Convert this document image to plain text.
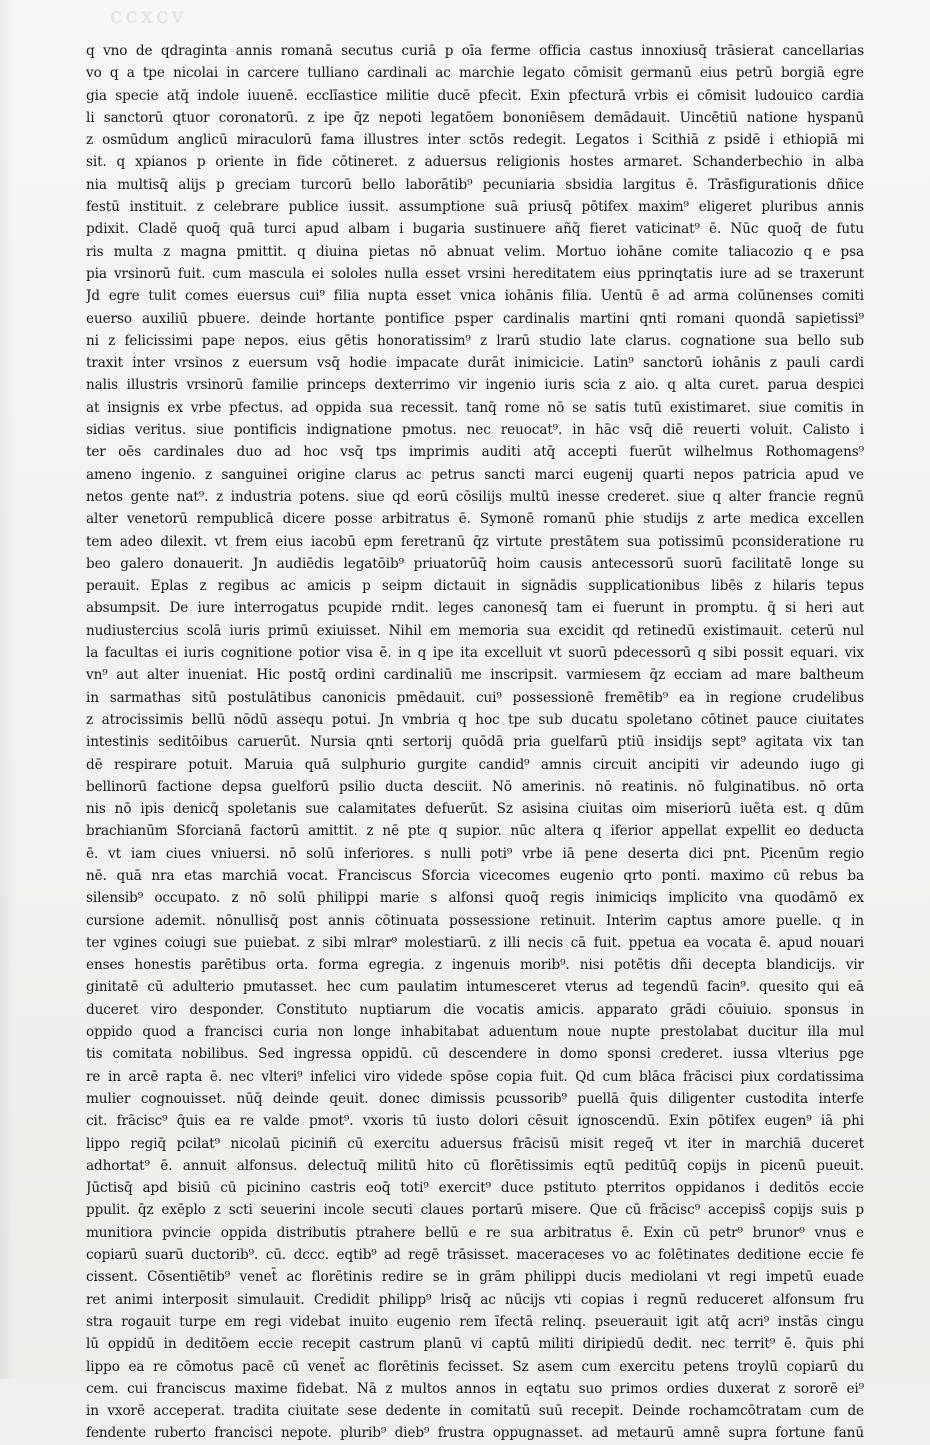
ccxcv
q vno de qdraginta annis romanā secutus curiā p oīa ferme officia castus innoxiusq̄ trāsierat cancellarias
vo q a tpe nicolai in carcere tulliano cardinali ac marchie legato cōmisit germanū eius petrū borgiā egre
gia specie atq̄ indole iuuenē. ecclīastice militie ducē pfecit. Exin pfecturā vrbis ei cōmisit ludouico cardia
li sanctorū qtuor coronatorū. z ipe q̄z nepoti legatōem bononiēsem demādauit. Uincētiū natione hyspanū
z osmūdum anglicū miraculorū fama illustres inter sctōs redegit. Legatos i Scithiā z psidē i ethiopiā mi
sit. q xpianos p oriente in fide cōtineret. z aduersus religionis hostes armaret. Schanderbechio in alba
nia multisq̄ alijs p greciam turcorū bello laborātib⁹ pecuniaria sbsidia largitus ē. Trāsfigurationis dñice
festū instituit. z celebrare publice iussit. assumptione suā priusq̄ pōtifex maxim⁹ eligeret pluribus annis
pdixit. Cladē quoq̄ quā turci apud albam i bugaria sustinuere añq̄ fieret vaticinat⁹ ē. Nūc quoq̄ de futu
ris multa z magna pmittit. q diuina pietas nō abnuat velim. Mortuo iohāne comite taliacozio q e psa
pia vrsinorū fuit. cum mascula ei sololes nulla esset vrsini hereditatem eius pprinqtatis iure ad se traxerunt
Jd egre tulit comes euersus cui⁹ filia nupta esset vnica iohānis filia. Uentū ē ad arma colūnenses comiti
euerso auxiliū pbuere. deinde hortante pontifice psper cardinalis martini qnti romani quondā sapietissi⁹
ni z felicissimi pape nepos. eius gētis honoratissim⁹ z lrarū studio late clarus. cognatione sua bello sub
traxit inter vrsinos z euersum vsq̄ hodie impacate durāt inimicicie. Latin⁹ sanctorū iohānis z pauli cardi
nalis illustris vrsinorū familie princeps dexterrimo vir ingenio iuris scia z aio. q alta curet. parua despici
at insignis ex vrbe pfectus. ad oppida sua recessit. tanq̄ rome nō se satis tutū existimaret. siue comitis in
sidias veritus. siue pontificis indignatione pmotus. nec reuocat⁹. in hāc vsq̄ diē reuerti voluit. Calisto i
ter oēs cardinales duo ad hoc vsq̄ tps imprimis auditi atq̄ accepti fuerūt wilhelmus Rothomagens⁹
ameno ingenio. z sanguinei origine clarus ac petrus sancti marci eugenij quarti nepos patricia apud ve
netos gente nat⁹. z industria potens. siue qd eorū cōsilijs multū inesse crederet. siue q alter francie regnū
alter venetorū rempublicā dicere posse arbitratus ē. Symonē romanū phie studijs z arte medica excellen
tem adeo dilexit. vt frem eius iacobū epm feretranū q̄z virtute prestātem sua potissimū pconsideratione ru
beo galero donauerit. Jn audiēdis legatōib⁹ priuatorūq̄ hoim causis antecessorū suorū facilitatē longe su
perauit. Eplas z regibus ac amicis p seipm dictauit in signādis supplicationibus libēs z hilaris tepus
absumpsit. De iure interrogatus pcupide rndit. leges canonesq̄ tam ei fuerunt in promptu. q̄ si heri aut
nudiustercius scolā iuris primū exiuisset. Nihil em memoria sua excidit qd retinedū existimauit. ceterū nul
la facultas ei iuris cognitione potior visa ē. in q ipe ita excelluit vt suorū pdecessorū q sibi possit equari. vix
vn⁹ aut alter inueniat. Hic postq̄ ordini cardinaliū me inscripsit. varmiesem q̄z ecciam ad mare baltheum
in sarmathas sitū postulātibus canonicis pmēdauit. cui⁹ possessionē fremētib⁹ ea in regione crudelibus
z atrocissimis bellū nōdū assequ potui. Jn vmbria q hoc tpe sub ducatu spoletano cōtinet pauce ciuitates
intestinis seditōibus caruerūt. Nursia qnti sertorij quōdā pria guelfarū ptiū insidijs sept⁹ agitata vix tan
dē respirare potuit. Maruia quā sulphurio gurgite candid⁹ amnis circuit ancipiti vir adeundo iugo gi
bellinorū factione depsa guelforū psilio ducta desciit. Nō amerinis. nō reatinis. nō fulginatibus. nō orta
nis nō ipis denicq̄ spoletanis sue calamitates defuerūt. Sz asisina ciuitas oim miseriorū iuēta est. q dūm
brachianūm Sforcianā factorū amittit. z nē pte q supior. nūc altera q iferior appellat expellit eo deducta
ē. vt iam ciues vniuersi. nō solū inferiores. s nulli poti⁹ vrbe iā pene deserta dici pnt. Picenūm regio
nē. quā nra etas marchiā vocat. Franciscus Sforcia vicecomes eugenio qrto ponti. maximo cū rebus ba
silensib⁹ occupato. z nō solū philippi marie s alfonsi quoq̄ regis inimiciqs implicito vna quodāmō ex
cursione ademit. nōnullisq̄ post annis cōtinuata possessione retinuit. Interim captus amore puelle. q in
ter vgines coiugi sue puiebat. z sibi mlrar⁹ molestiarū. z illi necis cā fuit. ppetua ea vocata ē. apud nouari
enses honestis parētibus orta. forma egregia. z ingenuis morib⁹. nisi potētis dñi decepta blandicijs. vir
ginitatē cū adulterio pmutasset. hec cum paulatim intumesceret vterus ad tegendū facin⁹. quesito qui eā
duceret viro desponder. Constituto nuptiarum die vocatis amicis. apparato grādi cōuiuio. sponsus in
oppido quod a francisci curia non longe inhabitabat aduentum noue nupte prestolabat ducitur illa mul
tis comitata nobilibus. Sed ingressa oppidū. cū descendere in domo sponsi crederet. iussa vlterius pge
re in arcē rapta ē. nec vlteri⁹ infelici viro videde spōse copia fuit. Qd cum blāca frācisci piux cordatissima
mulier cognouisset. nūq̄ deinde qeuit. donec dimissis pcussorib⁹ puellā q̄uis diligenter custodita interfe
cit. frācisc⁹ q̄uis ea re valde pmot⁹. vxoris tū iusto dolori cēsuit ignoscendū. Exin pōtifex eugen⁹ iā phi
lippo regiq̄ pcilat⁹ nicolaū piciniñ cū exercitu aduersus frācisū misit regeq̄ vt iter in marchiā duceret
adhortat⁹ ē. annuit alfonsus. delectuq̄ militū hito cū florētissimis eqtū peditūq̄ copijs in picenū pueuit.
Jūctisq̄ apd bisiū cū picinino castris eoq̄ toti⁹ exercit⁹ duce pstituto pterritos oppidanos i deditōs eccie
ppulit. q̄z exēplo z scti seuerini incole secuti claues portarū misere. Que cū frācisc⁹ accepiss̄ copijs suis p
munitiora pvincie oppida distributis ptrahere bellū e re sua arbitratus ē. Exin cū petr⁹ brunor⁹ vnus e
copiarū suarū ductorib⁹. cū. dccc. eqtib⁹ ad regē trāsisset. maceraceses vo ac folētinates deditione eccie fe
cissent. Cōsentiētib⁹ venet̄ ac florētinis redire se in grām philippi ducis mediolani vt regi impetū euade
ret animi interposit simulauit. Credidit philipp⁹ lrisq̄ ac nūcijs vti copias i regnū reduceret alfonsum fru
stra rogauit turpe em regi videbat inuito eugenio rem īfectā relinq. pseuerauit igit atq̄ acri⁹ instās cingu
lū oppidū in deditōem eccie recepit castrum planū vi captū militi diripiedū dedit. nec territ⁹ ē. q̄uis phi
lippo ea re cōmotus pacē cū venet̄ ac florētinis fecisset. Sz asem cum exercitu petens troylū copiarū du
cem. cui franciscus maxime fidebat. Nā z multos annos in eqtatu suo primos ordies duxerat z sororē ei⁹
in vxorē acceperat. tradita ciuitate sese dedente in comitatū suū recepit. Deinde rochamcōtratam cum de
fendente ruberto francisci nepote. plurib⁹ dieb⁹ frustra oppugnasset. ad metaurū amnē supra fortune fanū
